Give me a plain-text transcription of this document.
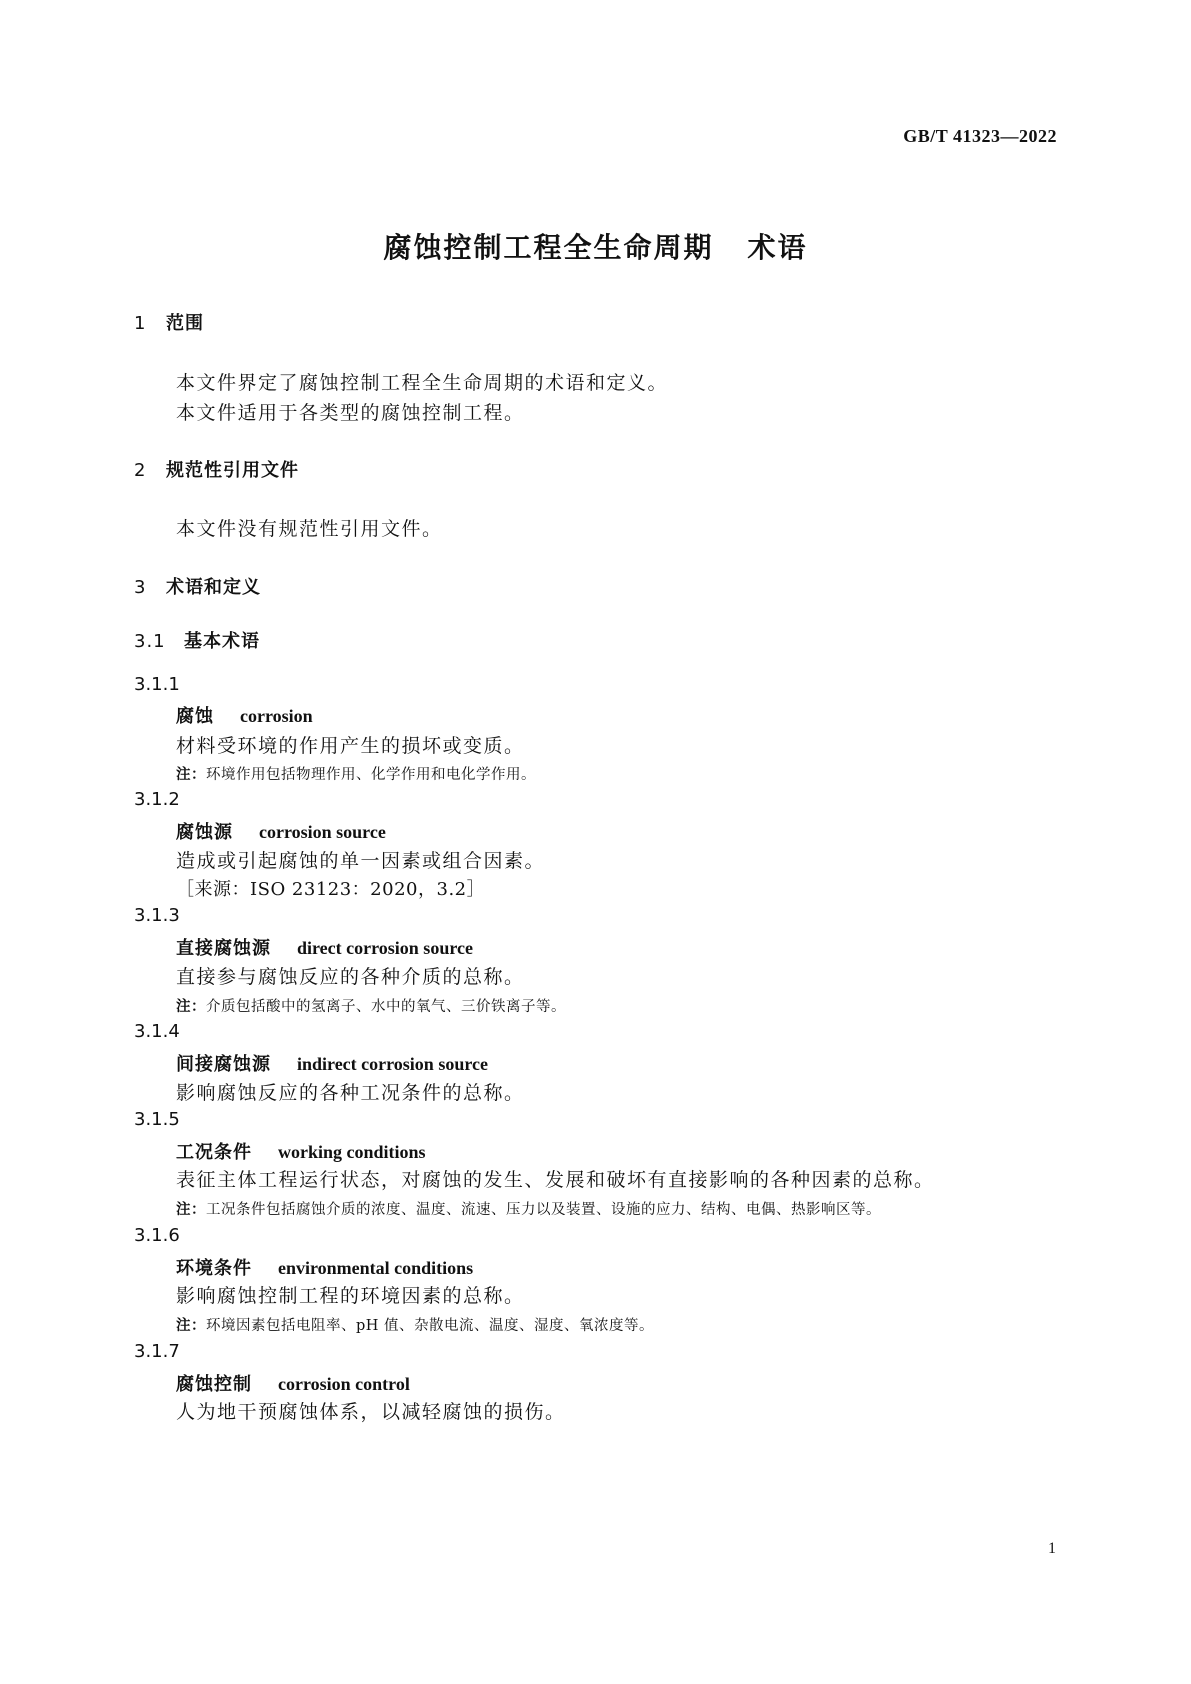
GB/T 41323—2022
腐蚀控制工程全生命周期 术语
1 范围
本文件界定了腐蚀控制工程全生命周期的术语和定义。
本文件适用于各类型的腐蚀控制工程。
2 规范性引用文件
本文件没有规范性引用文件。
3 术语和定义
3.1 基本术语
3.1.1
腐蚀 corrosion
材料受环境的作用产生的损坏或变质。
注：环境作用包括物理作用、化学作用和电化学作用。
3.1.2
腐蚀源 corrosion source
造成或引起腐蚀的单一因素或组合因素。
［来源：ISO 23123：2020，3.2］
3.1.3
直接腐蚀源 direct corrosion source
直接参与腐蚀反应的各种介质的总称。
注：介质包括酸中的氢离子、水中的氧气、三价铁离子等。
3.1.4
间接腐蚀源 indirect corrosion source
影响腐蚀反应的各种工况条件的总称。
3.1.5
工况条件 working conditions
表征主体工程运行状态，对腐蚀的发生、发展和破坏有直接影响的各种因素的总称。
注：工况条件包括腐蚀介质的浓度、温度、流速、压力以及装置、设施的应力、结构、电偶、热影响区等。
3.1.6
环境条件 environmental conditions
影响腐蚀控制工程的环境因素的总称。
注：环境因素包括电阻率、pH 值、杂散电流、温度、湿度、氧浓度等。
3.1.7
腐蚀控制 corrosion control
人为地干预腐蚀体系，以减轻腐蚀的损伤。
1
